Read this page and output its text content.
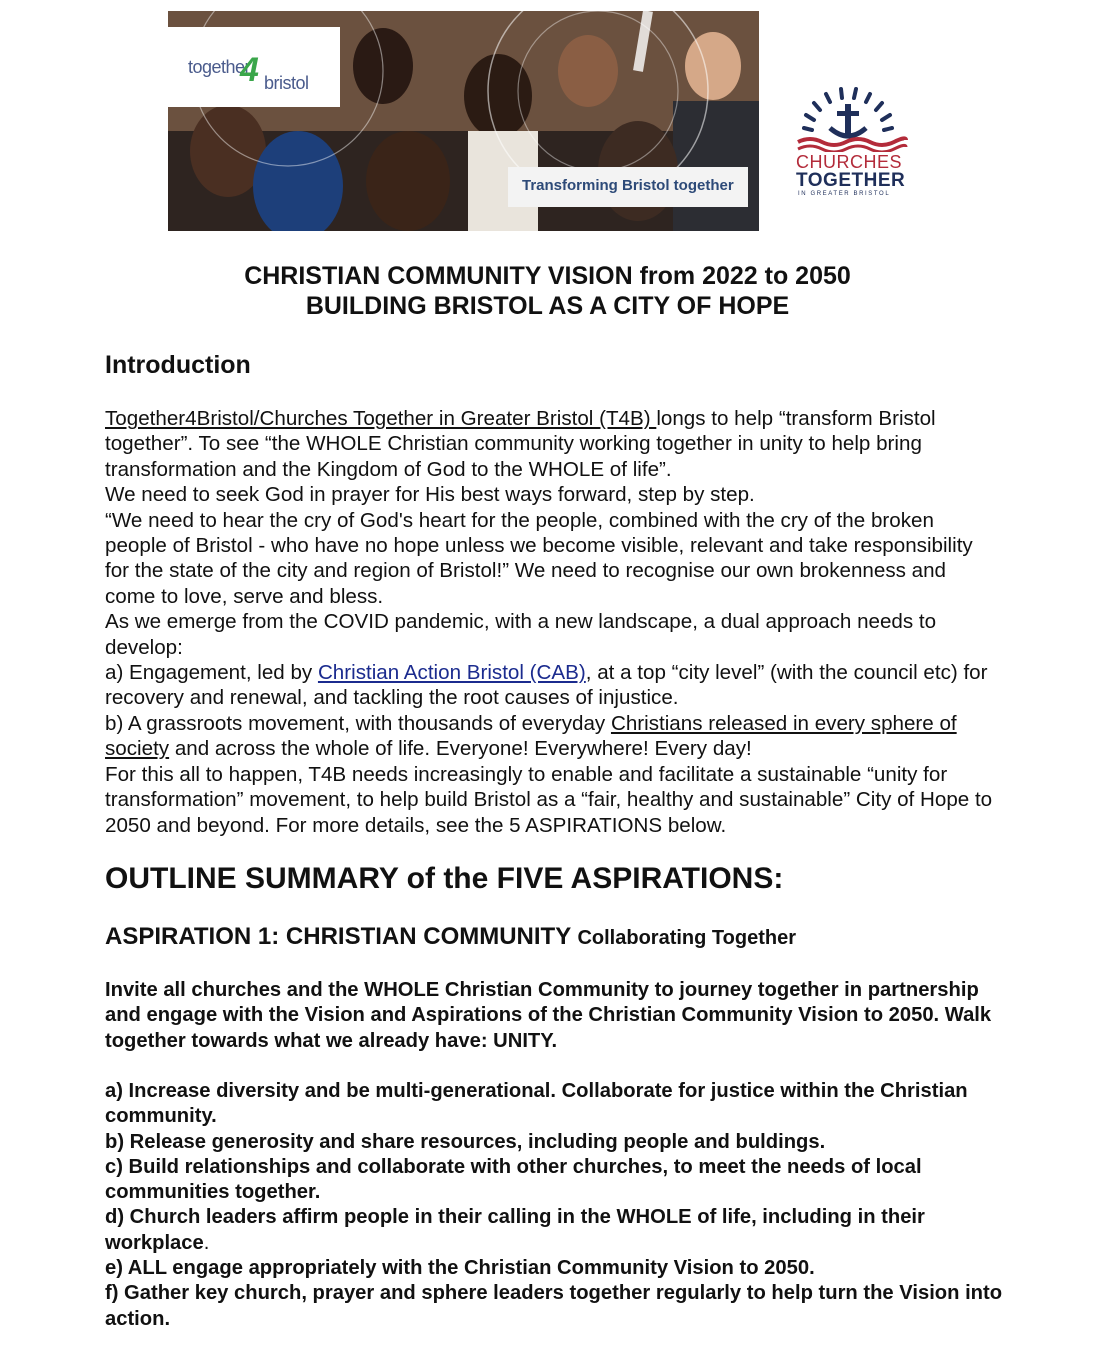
together
4 bristol
Transforming Bristol together
CHURCHES
TOGETHER
IN GREATER BRISTOL
CHRISTIAN COMMUNITY VISION from 2022 to 2050
BUILDING BRISTOL AS A CITY OF HOPE
Introduction

Together4Bristol/Churches Together in Greater Bristol (T4B) longs to help “transform Bristol together”. To see “the WHOLE Christian community working together in unity to help bring transformation and the Kingdom of God to the WHOLE of life”.

We need to seek God in prayer for His best ways forward, step by step.

“We need to hear the cry of God's heart for the people, combined with the cry of the broken people of Bristol - who have no hope unless we become visible, relevant and take responsibility for the state of the city and region of Bristol!” We need to recognise our own brokenness and come to love, serve and bless.

As we emerge from the COVID pandemic, with a new landscape, a dual approach needs to develop:

a) Engagement, led by Christian Action Bristol (CAB), at a top “city level” (with the council etc) for recovery and renewal, and tackling the root causes of injustice.

b) A grassroots movement, with thousands of everyday Christians released in every sphere of society and across the whole of life. Everyone! Everywhere! Every day!

For this all to happen, T4B needs increasingly to enable and facilitate a sustainable “unity for transformation” movement, to help build Bristol as a “fair, healthy and sustainable” City of Hope to 2050 and beyond. For more details, see the 5 ASPIRATIONS below.

OUTLINE SUMMARY of the FIVE ASPIRATIONS:
ASPIRATION 1: CHRISTIAN COMMUNITY Collaborating Together
Invite all churches and the WHOLE Christian Community to journey together in partnership and engage with the Vision and Aspirations of the Christian Community Vision to 2050. Walk together towards what we already have: UNITY.

a) Increase diversity and be multi-generational. Collaborate for justice within the Christian community.

b) Release generosity and share resources, including people and buldings.

c) Build relationships and collaborate with other churches, to meet the needs of local communities together.

d) Church leaders affirm people in their calling in the WHOLE of life, including in their workplace.

e) ALL engage appropriately with the Christian Community Vision to 2050.

f) Gather key church, prayer and sphere leaders together regularly to help turn the Vision into action.
